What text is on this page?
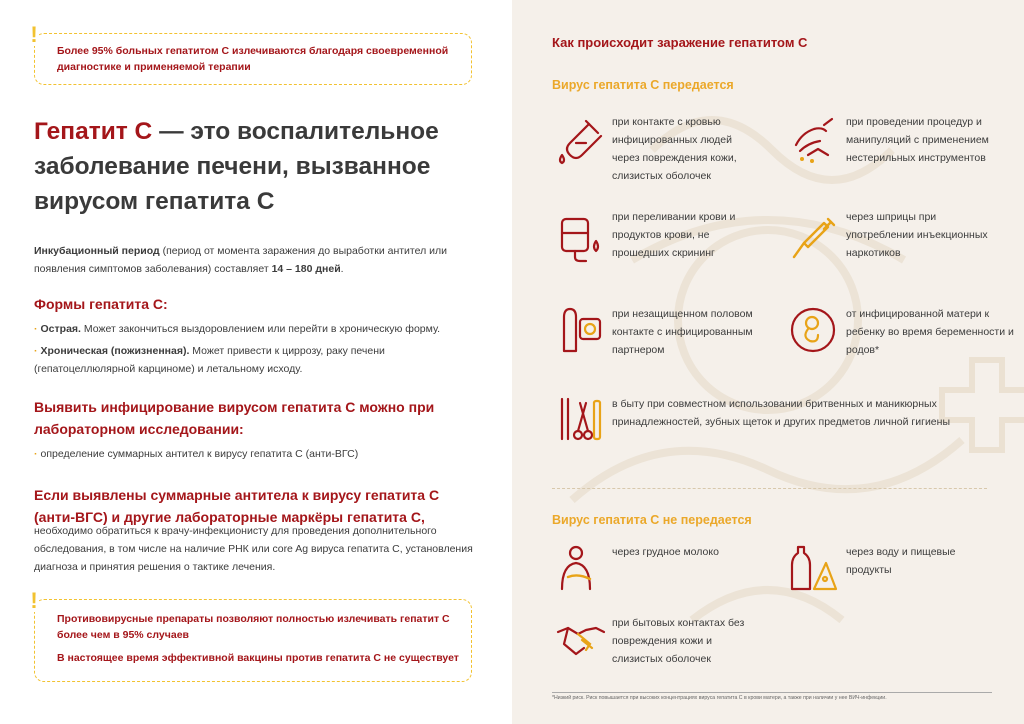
!
Более 95% больных гепатитом С излечиваются благодаря своевременной диагностике и применяемой терапии
Гепатит С — это воспалительное заболевание печени, вызванное вирусом гепатита С
Инкубационный период (период от момента заражения до выработки антител или появления симптомов заболевания) составляет 14 – 180 дней.
Формы гепатита С:
· Острая. Может закончиться выздоровлением или перейти в хроническую форму.
· Хроническая (пожизненная). Может привести к циррозу, раку печени (гепатоцеллюлярной карциноме) и летальному исходу.
Выявить инфицирование вирусом гепатита С можно при лабораторном исследовании:
· определение суммарных антител к вирусу гепатита С (анти-ВГС)
Если выявлены суммарные антитела к вирусу гепатита С (анти-ВГС) и другие лабораторные маркёры гепатита С,
необходимо обратиться к врачу-инфекционисту для проведения дополнительного обследования, в том числе на наличие РНК или core Ag вируса гепатита С, установления диагноза и принятия решения о тактике лечения.
!
Противовирусные препараты позволяют полностью излечивать гепатит С более чем в 95% случаев
В настоящее время эффективной вакцины против гепатита С не существует
Как происходит заражение гепатитом С
Вирус гепатита С передается
при контакте с кровью инфицированных людей через повреждения кожи, слизистых оболочек
при проведении процедур и манипуляций с применением нестерильных инструментов
при переливании крови и продуктов крови, не прошедших скрининг
через шприцы при употреблении инъекционных наркотиков
при незащищенном половом контакте с инфицированным партнером
от инфицированной матери к ребенку во время беременности и родов*
в быту при совместном использовании бритвенных и маникюрных принадлежностей, зубных щеток и других предметов личной гигиены
Вирус гепатита С не передается
через грудное молоко	через воду и пищевые продукты
при бытовых контактах без повреждения кожи и слизистых оболочек
*Низкий риск. Риск повышается при высоких концентрациях вируса гепатита С в крови матери, а также при наличии у нее ВИЧ-инфекции.
